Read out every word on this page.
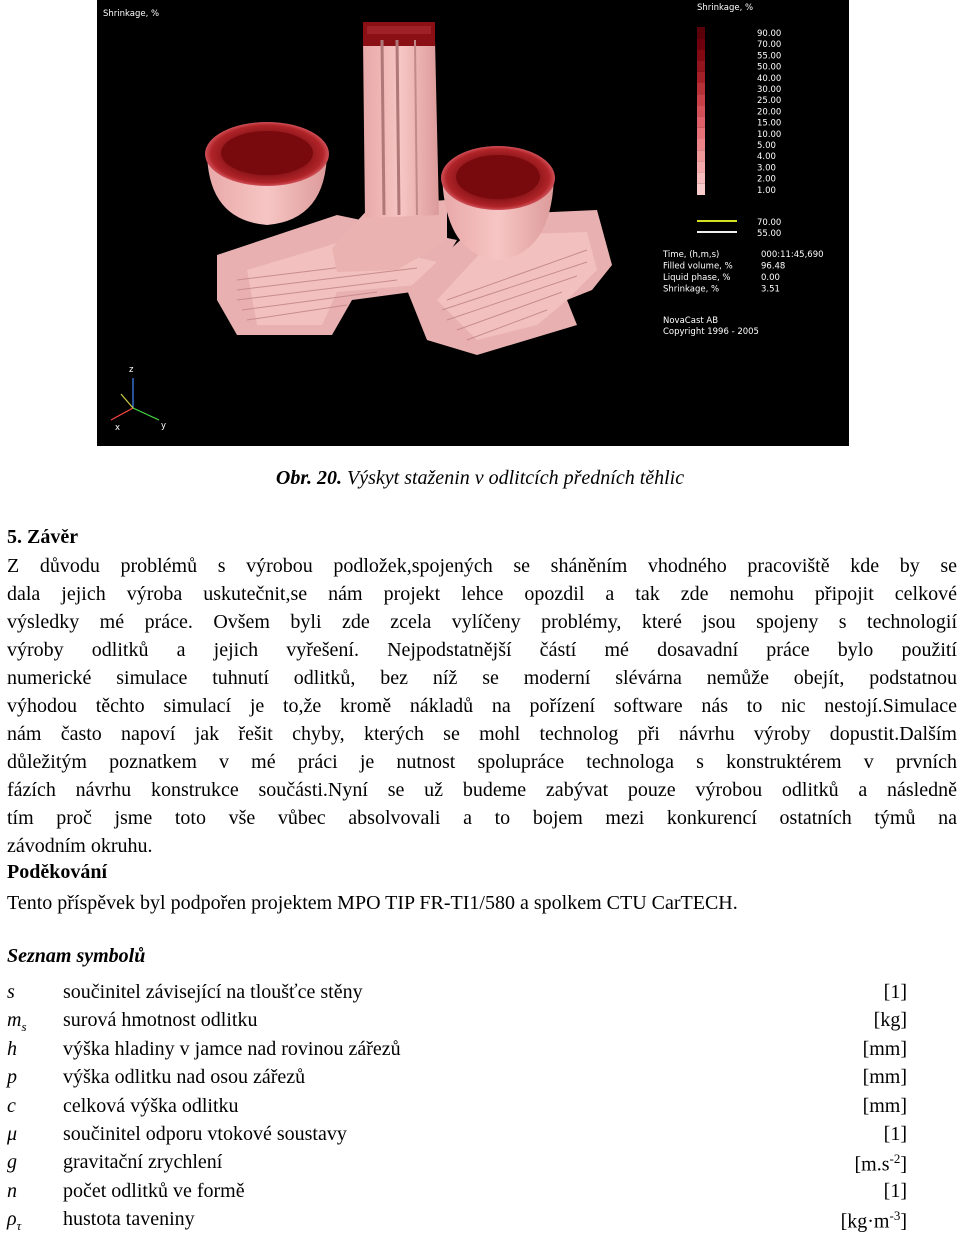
Shrinkage, %
Shrinkage, %
90.00
70.00
55.00
50.00
40.00
30.00
25.00
20.00
15.00
10.00
5.00
4.00
3.00
2.00
1.00
70.00
55.00
Time, (h,m,s)	000:11:45,690
Filled volume, %	96.48
Liquid phase, %	0.00
Shrinkage, %	3.51
NovaCast AB
Copyright 1996 - 2005
z
x	y
Obr. 20. Výskyt staženin v odlitcích předních těhlic
5. Závěr
Z důvodu problémů s výrobou podložek,spojených se sháněním vhodného pracoviště kde by se
dala jejich výroba uskutečnit,se nám projekt lehce opozdil a tak zde nemohu připojit celkové
výsledky mé práce. Ovšem byli zde zcela vylíčeny problémy, které jsou spojeny s technologií
výroby odlitků a jejich vyřešení. Nejpodstatnější částí mé dosavadní práce bylo použití
numerické simulace tuhnutí odlitků, bez níž se moderní slévárna nemůže obejít, podstatnou
výhodou těchto simulací je to,že kromě nákladů na pořízení software nás to nic nestojí.Simulace
nám často napoví jak řešit chyby, kterých se mohl technolog při návrhu výroby dopustit.Dalším
důležitým poznatkem v mé práci je nutnost spolupráce technologa s konstruktérem v prvních
fázích návrhu konstrukce součásti.Nyní se už budeme zabývat pouze výrobou odlitků a následně
tím proč jsme toto vše vůbec absolvovali a to bojem mezi konkurencí ostatních týmů na
závodním okruhu.
Poděkování
Tento příspěvek byl podpořen projektem MPO TIP FR-TI1/580 a spolkem CTU CarTECH.
Seznam symbolů
s součinitel závisející na tloušťce stěny	[1]
$m_s$ surová hmotnost odlitku	[kg]
h výška hladiny v jamce nad rovinou zářezů	[mm]
p výška odlitku nad osou zářezů	[mm]
c celková výška odlitku	[mm]
μ součinitel odporu vtokové soustavy	[1]
g gravitační zrychlení	$[m.s^{-2}]$
n počet odlitků ve formě	[1]
$\rho_\tau$ hustota taveniny	$[kg\cdot m^{-3}]$
